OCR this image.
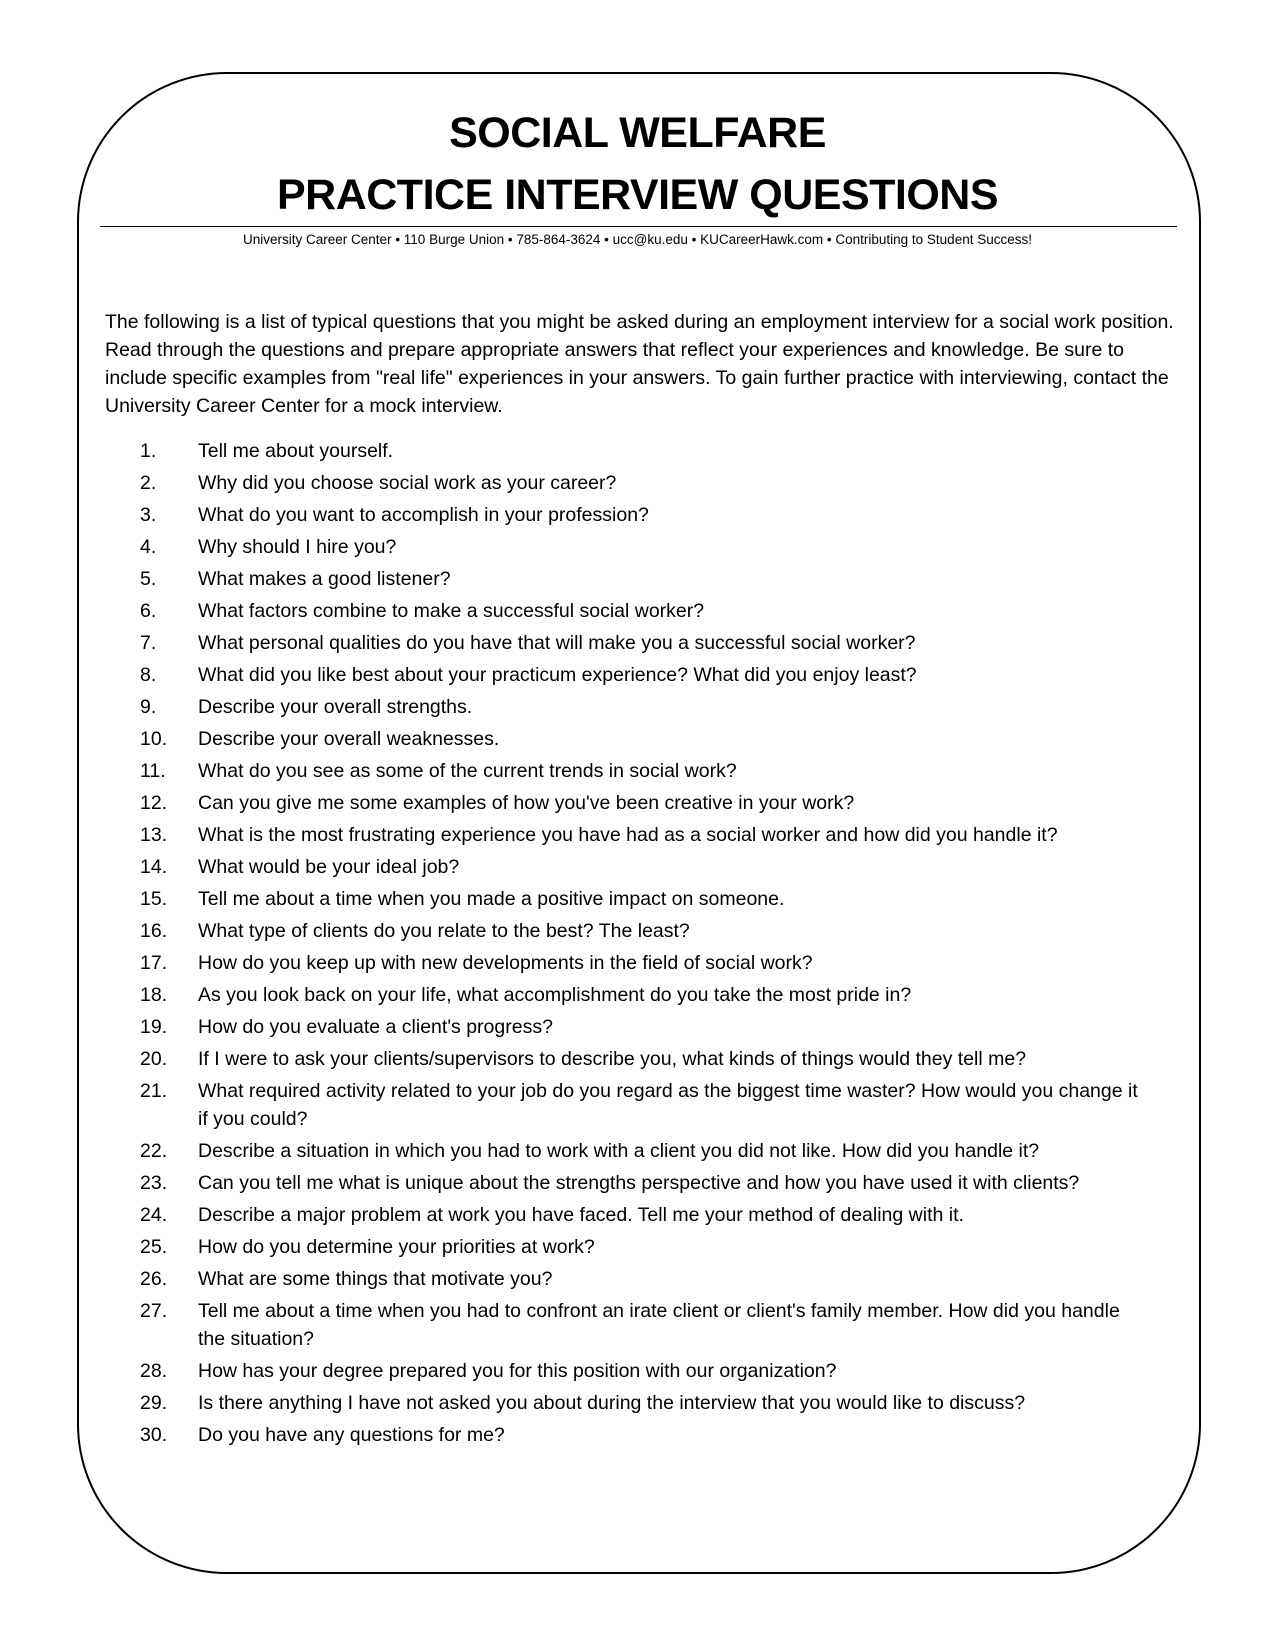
SOCIAL WELFARE
PRACTICE INTERVIEW QUESTIONS
University Career Center • 110 Burge Union • 785-864-3624 • ucc@ku.edu • KUCareerHawk.com • Contributing to Student Success!

The following is a list of typical questions that you might be asked during an employment interview for a social work position. Read through the questions and prepare appropriate answers that reflect your experiences and knowledge. Be sure to include specific examples from "real life" experiences in your answers. To gain further practice with interviewing, contact the University Career Center for a mock interview.

1. Tell me about yourself.
2. Why did you choose social work as your career?
3. What do you want to accomplish in your profession?
4. Why should I hire you?
5. What makes a good listener?
6. What factors combine to make a successful social worker?
7. What personal qualities do you have that will make you a successful social worker?
8. What did you like best about your practicum experience? What did you enjoy least?
9. Describe your overall strengths.
10. Describe your overall weaknesses.
11. What do you see as some of the current trends in social work?
12. Can you give me some examples of how you've been creative in your work?
13. What is the most frustrating experience you have had as a social worker and how did you handle it?
14. What would be your ideal job?
15. Tell me about a time when you made a positive impact on someone.
16. What type of clients do you relate to the best? The least?
17. How do you keep up with new developments in the field of social work?
18. As you look back on your life, what accomplishment do you take the most pride in?
19. How do you evaluate a client's progress?
20. If I were to ask your clients/supervisors to describe you, what kinds of things would they tell me?
21. What required activity related to your job do you regard as the biggest time waster? How would you change it if you could?
22. Describe a situation in which you had to work with a client you did not like. How did you handle it?
23. Can you tell me what is unique about the strengths perspective and how you have used it with clients?
24. Describe a major problem at work you have faced. Tell me your method of dealing with it.
25. How do you determine your priorities at work?
26. What are some things that motivate you?
27. Tell me about a time when you had to confront an irate client or client's family member. How did you handle the situation?
28. How has your degree prepared you for this position with our organization?
29. Is there anything I have not asked you about during the interview that you would like to discuss?
30. Do you have any questions for me?
